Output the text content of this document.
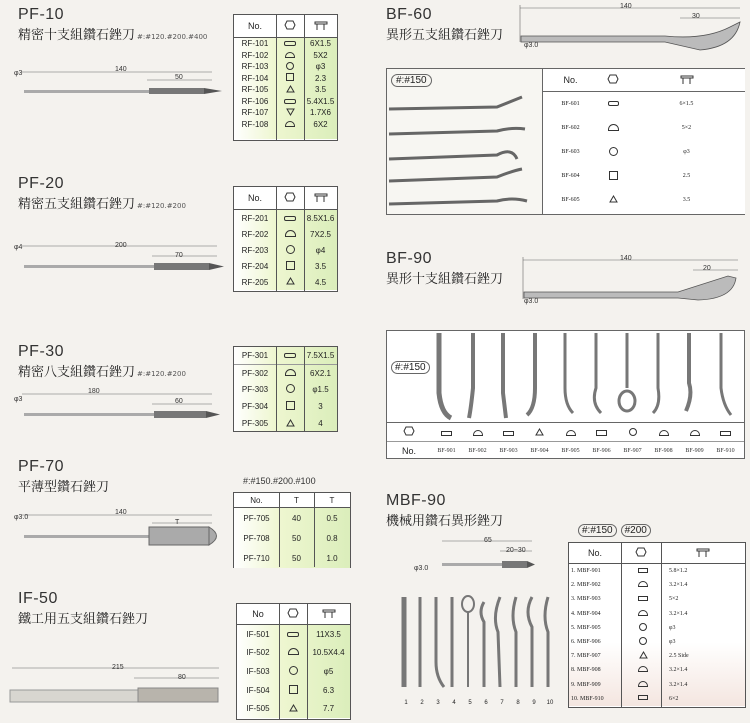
PF-10
精密十支組鑽石銼刀 #:#120.#200.#400
140
50
φ3
No.
RF-101	6X1.5
RF-102	5X2
RF-103	φ3
RF-104	2.3
RF-105	3.5
RF-106	5.4X1.5
RF-107	1.7X6
RF-108	6X2
PF-20
精密五支組鑽石銼刀 #:#120.#200
200
70
φ4
No.
RF-201	8.5X1.6
RF-202	7X2.5
RF-203	φ4
RF-204	3.5
RF-205	4.5
PF-30
精密八支組鑽石銼刀 #:#120.#200
180
60
φ3
PF-301	7.5X1.5
PF-302	6X2.1
PF-303	φ1.5
PF-304	3
PF-305	4
PF-70
平薄型鑽石銼刀	#:#150.#200.#100
140
T
φ3.0
No.	T	T
PF-705	40	0.5
PF-708	50	0.8
PF-710	50	1.0
IF-50
鐵工用五支組鑽石銼刀
215
80
No
IF-501	11X3.5
IF-502	10.5X4.4
IF-503	φ5
IF-504	6.3
IF-505	7.7
BF-60
異形五支組鑽石銼刀
140
30
φ3.0
#:#150	No.
BF-601	6×1.5
BF-602	5×2
BF-603	φ3
BF-604	2.5
BF-605	3.5
BF-90
異形十支組鑽石銼刀
140
20
φ3.0
#:#150
No.	BF-901	BF-902	BF-903	BF-904	BF-905	BF-906	BF-907	BF-908	BF-909	BF-910
MBF-90
機械用鑽石異形銼刀
65
20~30
φ3.0
1	2	3	4	5	6	7	8	9	10
#:#150	#200
No.
1. MBF-901	5.8×1.2
2. MBF-902	3.2×1.4
3. MBF-903	5×2
4. MBF-904	3.2×1.4
5. MBF-905	φ3
6. MBF-906	φ3
7. MBF-907	2.5 Side
8. MBF-908	3.2×1.4
9. MBF-909	3.2×1.4
10. MBF-910	6×2
